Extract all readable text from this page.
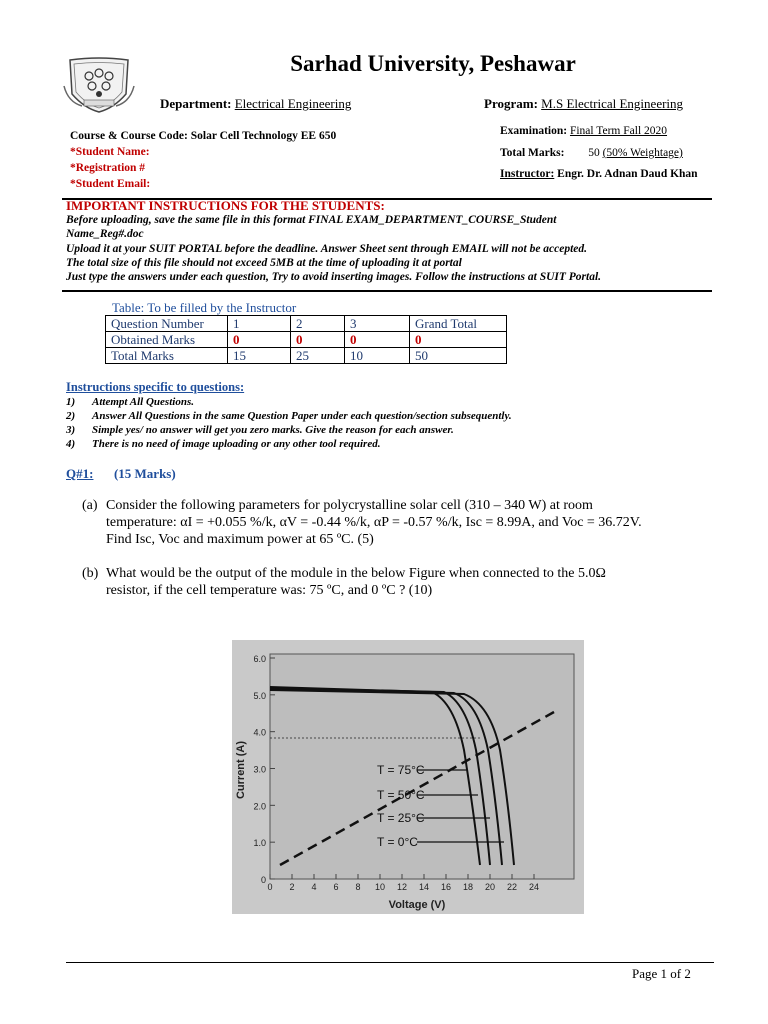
Sarhad University, Peshawar
Department: Electrical Engineering	Program: M.S Electrical Engineering
Course & Course Code: Solar Cell Technology EE 650
*Student Name:
*Registration #
*Student Email:
Examination: Final Term Fall 2020
Total Marks: 50 (50% Weightage)
Instructor: Engr. Dr. Adnan Daud Khan
IMPORTANT INSTRUCTIONS FOR THE STUDENTS:
Before uploading, save the same file in this format FINAL EXAM_DEPARTMENT_COURSE_Student
Name_Reg#.doc
Upload it at your SUIT PORTAL before the deadline. Answer Sheet sent through EMAIL will not be accepted.
The total size of this file should not exceed 5MB at the time of uploading it at portal
Just type the answers under each question, Try to avoid inserting images. Follow the instructions at SUIT Portal.
Table: To be filled by the Instructor
Question Number	1	2	3	Grand Total
Obtained Marks	0	0	0	0
Total Marks	15	25	10	50
Instructions specific to questions:
1) Attempt All Questions.
2) Answer All Questions in the same Question Paper under each question/section subsequently.
3) Simple yes/ no answer will get you zero marks. Give the reason for each answer.
4) There is no need of image uploading or any other tool required.
Q#1: (15 Marks)
(a) Consider the following parameters for polycrystalline solar cell (310 – 340 W) at room
temperature: αI = +0.055 %/k, αV = -0.44 %/k, αP = -0.57 %/k, Isc = 8.99A, and Voc = 36.72V.
Find Isc, Voc and maximum power at 65 ºC. (5)
(b) What would be the output of the module in the below Figure when connected to the 5.0Ω
resistor, if the cell temperature was: 75 ºC, and 0 ºC ? (10)
T = 75°C
T = 50°C
T = 25°C
T = 0°C
0
1.0
2.0
3.0
4.0
5.0
6.0
0 2 4 6 8 10 12 14 16 18 20 22 24
Current (A)
Voltage (V)
Page 1 of 2
